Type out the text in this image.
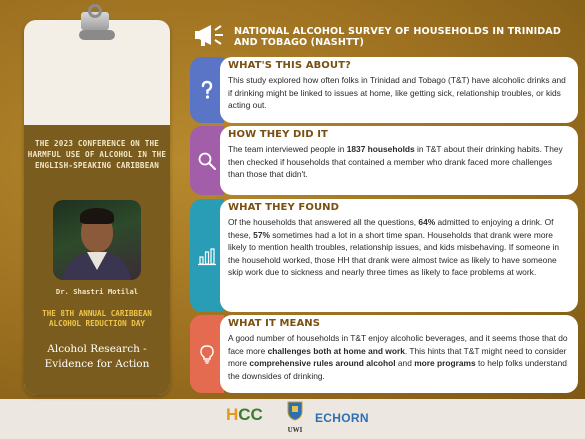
THE 2023 CONFERENCE ON THE HARMFUL USE OF ALCOHOL IN THE ENGLISH-SPEAKING CARIBBEAN
Dr. Shastri Motilal
THE 8TH ANNUAL CARIBBEAN ALCOHOL REDUCTION DAY
Alcohol Research - Evidence for Action
NATIONAL ALCOHOL SURVEY OF HOUSEHOLDS IN TRINIDAD AND TOBAGO (NASHTT)
WHAT'S THIS ABOUT?

This study explored how often folks in Trinidad and Tobago (T&T) have alcoholic drinks and if drinking might be linked to issues at home, like getting sick, relationship troubles, or kids acting out.

HOW THEY DID IT

The team interviewed people in 1837 households in T&T about their drinking habits. They then checked if households that contained a member who drank faced more challenges than those that didn't.

WHAT THEY FOUND

Of the households that answered all the questions, 64% admitted to enjoying a drink. Of these, 57% sometimes had a lot in a short time span. Households that drank were more likely to mention health troubles, relationship issues, and kids misbehaving. If someone in the household worked, those HH that drank were almost twice as likely to have someone skip work due to sickness and nearly three times as likely to face problems at work.

WHAT IT MEANS

A good number of households in T&T enjoy alcoholic beverages, and it seems those that do face more challenges both at home and work. This hints that T&T might need to consider more comprehensive rules around alcohol and more programs to help folks understand the downsides of drinking.

HCC
UWI
ECHORN
